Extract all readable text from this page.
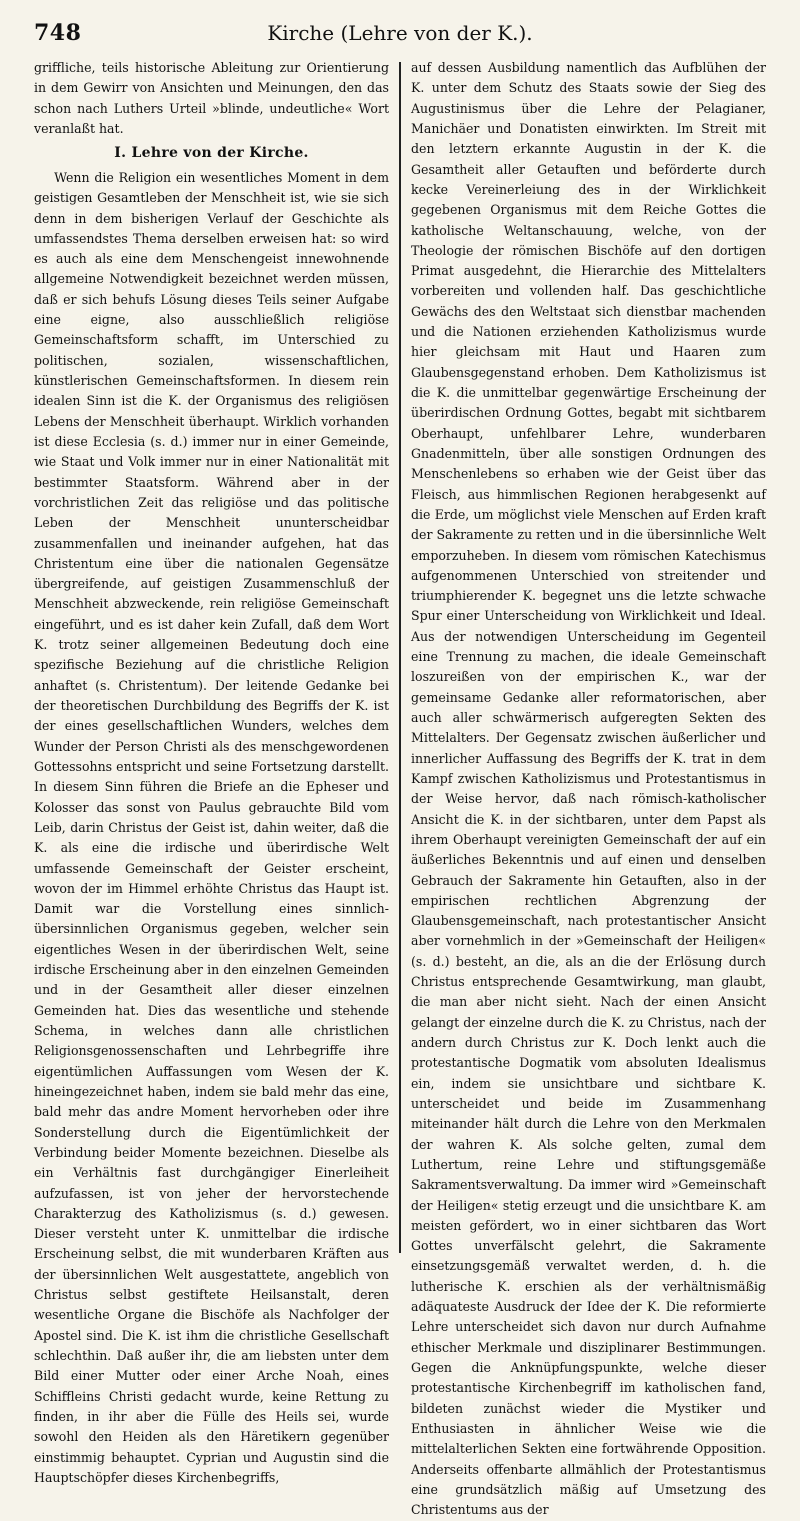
748	Kirche (Lehre von der K.).

griffliche, teils historische Ableitung zur Orientierung in dem Gewirr von Ansichten und Meinungen, den das schon nach Luthers Urteil »blinde, undeutliche« Wort veranlaßt hat.

I. Lehre von der Kirche.

Wenn die Religion ein wesentliches Moment in dem geistigen Gesamtleben der Menschheit ist, wie sie sich denn in dem bisherigen Verlauf der Geschichte als umfassendstes Thema derselben erweisen hat: so wird es auch als eine dem Menschengeist innewohnende allgemeine Notwendigkeit bezeichnet werden müssen, daß er sich behufs Lösung dieses Teils seiner Aufgabe eine eigne, also ausschließlich religiöse Gemeinschaftsform schafft, im Unterschied zu politischen, sozialen, wissenschaftlichen, künstlerischen Gemeinschaftsformen. In diesem rein idealen Sinn ist die K. der Organismus des religiösen Lebens der Menschheit überhaupt. Wirklich vorhanden ist diese Ecclesia (s. d.) immer nur in einer Gemeinde, wie Staat und Volk immer nur in einer Nationalität mit bestimmter Staatsform. Während aber in der vorchristlichen Zeit das religiöse und das politische Leben der Menschheit ununterscheidbar zusammenfallen und ineinander aufgehen, hat das Christentum eine über die nationalen Gegensätze übergreifende, auf geistigen Zusammenschluß der Menschheit abzweckende, rein religiöse Gemeinschaft eingeführt, und es ist daher kein Zufall, daß dem Wort K. trotz seiner allgemeinen Bedeutung doch eine spezifische Beziehung auf die christliche Religion anhaftet (s. Christentum). Der leitende Gedanke bei der theoretischen Durchbildung des Begriffs der K. ist der eines gesellschaftlichen Wunders, welches dem Wunder der Person Christi als des menschgewordenen Gottessohns entspricht und seine Fortsetzung darstellt. In diesem Sinn führen die Briefe an die Epheser und Kolosser das sonst von Paulus gebrauchte Bild vom Leib, darin Christus der Geist ist, dahin weiter, daß die K. als eine die irdische und überirdische Welt umfassende Gemeinschaft der Geister erscheint, wovon der im Himmel erhöhte Christus das Haupt ist. Damit war die Vorstellung eines sinnlich-übersinnlichen Organismus gegeben, welcher sein eigentliches Wesen in der überirdischen Welt, seine irdische Erscheinung aber in den einzelnen Gemeinden und in der Gesamtheit aller dieser einzelnen Gemeinden hat. Dies das wesentliche und stehende Schema, in welches dann alle christlichen Religionsgenossenschaften und Lehrbegriffe ihre eigentümlichen Auffassungen vom Wesen der K. hineingezeichnet haben, indem sie bald mehr das eine, bald mehr das andre Moment hervorheben oder ihre Sonderstellung durch die Eigentümlichkeit der Verbindung beider Momente bezeichnen. Dieselbe als ein Verhältnis fast durchgängiger Einerleiheit aufzufassen, ist von jeher der hervorstechende Charakterzug des Katholizismus (s. d.) gewesen. Dieser versteht unter K. unmittelbar die irdische Erscheinung selbst, die mit wunderbaren Kräften aus der übersinnlichen Welt ausgestattete, angeblich von Christus selbst gestiftete Heilsanstalt, deren wesentliche Organe die Bischöfe als Nachfolger der Apostel sind. Die K. ist ihm die christliche Gesellschaft schlechthin. Daß außer ihr, die am liebsten unter dem Bild einer Mutter oder einer Arche Noah, eines Schiffleins Christi gedacht wurde, keine Rettung zu finden, in ihr aber die Fülle des Heils sei, wurde sowohl den Heiden als den Häretikern gegenüber einstimmig behauptet. Cyprian und Augustin sind die Hauptschöpfer dieses Kirchenbegriffs,

auf dessen Ausbildung namentlich das Aufblühen der K. unter dem Schutz des Staats sowie der Sieg des Augustinismus über die Lehre der Pelagianer, Manichäer und Donatisten einwirkten. Im Streit mit den letztern erkannte Augustin in der K. die Gesamtheit aller Getauften und beförderte durch kecke Vereinerleiung des in der Wirklichkeit gegebenen Organismus mit dem Reiche Gottes die katholische Weltanschauung, welche, von der Theologie der römischen Bischöfe auf den dortigen Primat ausgedehnt, die Hierarchie des Mittelalters vorbereiten und vollenden half. Das geschichtliche Gewächs des den Weltstaat sich dienstbar machenden und die Nationen erziehenden Katholizismus wurde hier gleichsam mit Haut und Haaren zum Glaubensgegenstand erhoben. Dem Katholizismus ist die K. die unmittelbar gegenwärtige Erscheinung der überirdischen Ordnung Gottes, begabt mit sichtbarem Oberhaupt, unfehlbarer Lehre, wunderbaren Gnadenmitteln, über alle sonstigen Ordnungen des Menschenlebens so erhaben wie der Geist über das Fleisch, aus himmlischen Regionen herabgesenkt auf die Erde, um möglichst viele Menschen auf Erden kraft der Sakramente zu retten und in die übersinnliche Welt emporzuheben. In diesem vom römischen Katechismus aufgenommenen Unterschied von streitender und triumphierender K. begegnet uns die letzte schwache Spur einer Unterscheidung von Wirklichkeit und Ideal. Aus der notwendigen Unterscheidung im Gegenteil eine Trennung zu machen, die ideale Gemeinschaft loszureißen von der empirischen K., war der gemeinsame Gedanke aller reformatorischen, aber auch aller schwärmerisch aufgeregten Sekten des Mittelalters. Der Gegensatz zwischen äußerlicher und innerlicher Auffassung des Begriffs der K. trat in dem Kampf zwischen Katholizismus und Protestantismus in der Weise hervor, daß nach römisch-katholischer Ansicht die K. in der sichtbaren, unter dem Papst als ihrem Oberhaupt vereinigten Gemeinschaft der auf ein äußerliches Bekenntnis und auf einen und denselben Gebrauch der Sakramente hin Getauften, also in der empirischen rechtlichen Abgrenzung der Glaubensgemeinschaft, nach protestantischer Ansicht aber vornehmlich in der »Gemeinschaft der Heiligen« (s. d.) besteht, an die, als an die der Erlösung durch Christus entsprechende Gesamtwirkung, man glaubt, die man aber nicht sieht. Nach der einen Ansicht gelangt der einzelne durch die K. zu Christus, nach der andern durch Christus zur K. Doch lenkt auch die protestantische Dogmatik vom absoluten Idealismus ein, indem sie unsichtbare und sichtbare K. unterscheidet und beide im Zusammenhang miteinander hält durch die Lehre von den Merkmalen der wahren K. Als solche gelten, zumal dem Luthertum, reine Lehre und stiftungsgemäße Sakramentsverwaltung. Da immer wird »Gemeinschaft der Heiligen« stetig erzeugt und die unsichtbare K. am meisten gefördert, wo in einer sichtbaren das Wort Gottes unverfälscht gelehrt, die Sakramente einsetzungsgemäß verwaltet werden, d. h. die lutherische K. erschien als der verhältnismäßig adäquateste Ausdruck der Idee der K. Die reformierte Lehre unterscheidet sich davon nur durch Aufnahme ethischer Merkmale und disziplinarer Bestimmungen. Gegen die Anknüpfungspunkte, welche dieser protestantische Kirchenbegriff im katholischen fand, bildeten zunächst wieder die Mystiker und Enthusiasten in ähnlicher Weise wie die mittelalterlichen Sekten eine fortwährende Opposition. Anderseits offenbarte allmählich der Protestantismus eine grundsätzlich mäßig auf Umsetzung des Christentums aus der
